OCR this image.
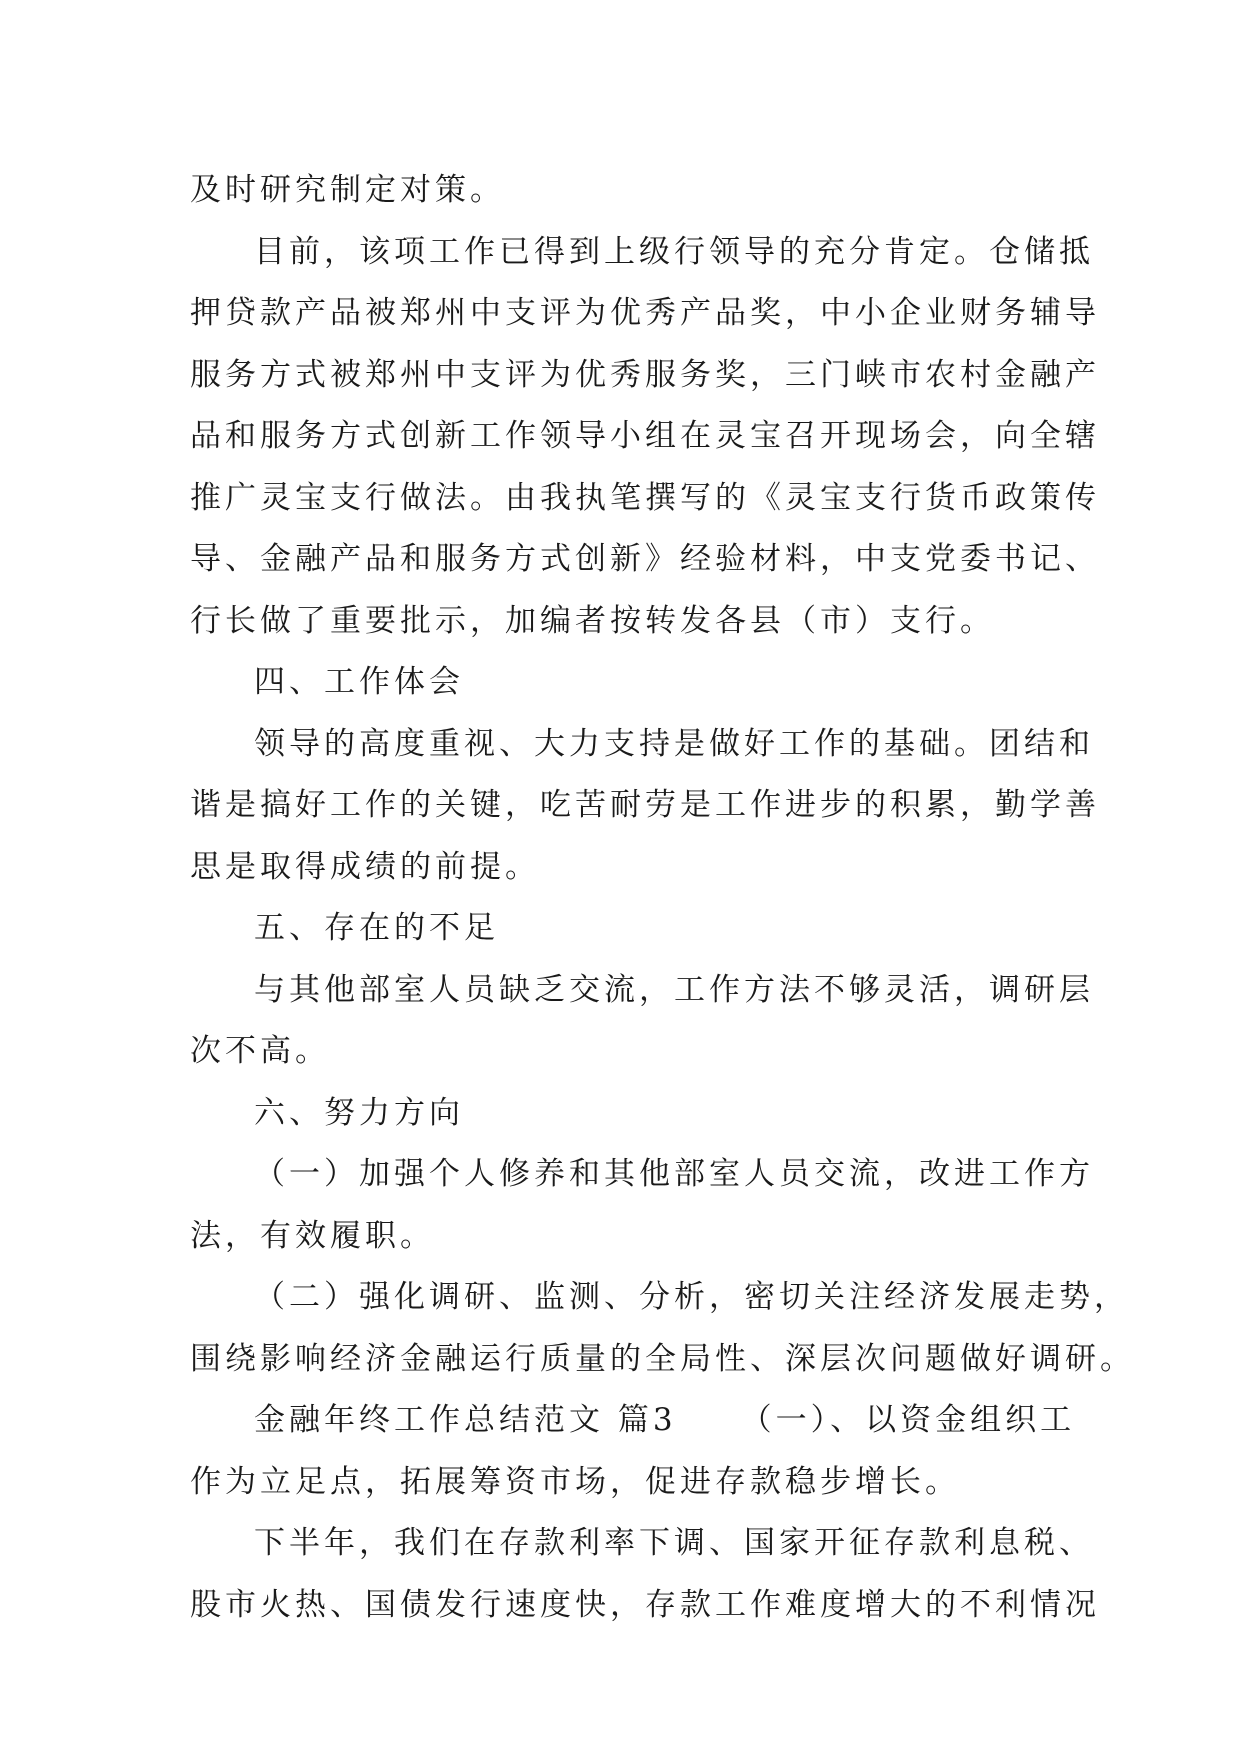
及时研究制定对策。
目前，该项工作已得到上级行领导的充分肯定。仓储抵
押贷款产品被郑州中支评为优秀产品奖，中小企业财务辅导
服务方式被郑州中支评为优秀服务奖，三门峡市农村金融产
品和服务方式创新工作领导小组在灵宝召开现场会，向全辖
推广灵宝支行做法。由我执笔撰写的《灵宝支行货币政策传
导、金融产品和服务方式创新》经验材料，中支党委书记、
行长做了重要批示，加编者按转发各县（市）支行。
四、工作体会
领导的高度重视、大力支持是做好工作的基础。团结和
谐是搞好工作的关键，吃苦耐劳是工作进步的积累，勤学善
思是取得成绩的前提。
五、存在的不足
与其他部室人员缺乏交流，工作方法不够灵活，调研层
次不高。
六、努力方向
（一）加强个人修养和其他部室人员交流，改进工作方
法，有效履职。
（二）强化调研、监测、分析，密切关注经济发展走势，
围绕影响经济金融运行质量的全局性、深层次问题做好调研。
金融年终工作总结范文 篇3 （一）、以资金组织工
作为立足点，拓展筹资市场，促进存款稳步增长。
下半年，我们在存款利率下调、国家开征存款利息税、
股市火热、国债发行速度快，存款工作难度增大的不利情况
